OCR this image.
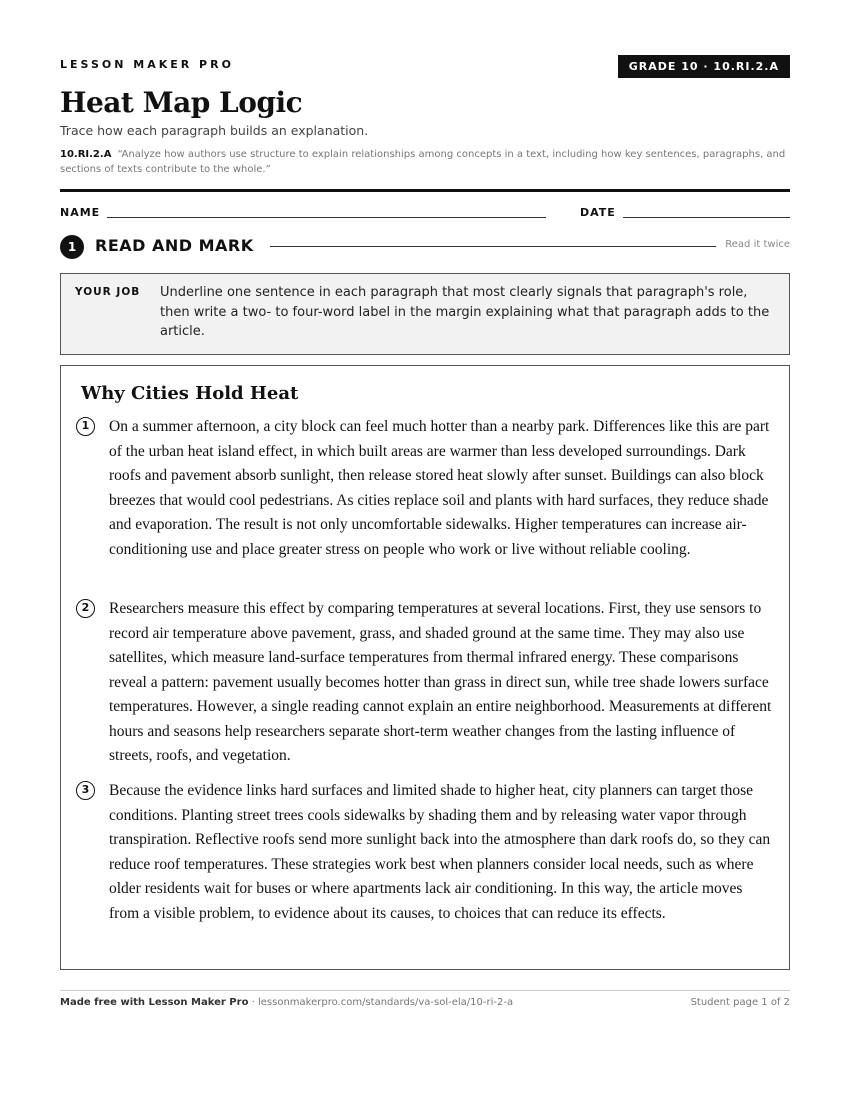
LESSON MAKER PRO	GRADE 10 · 10.RI.2.A
Heat Map Logic
Trace how each paragraph builds an explanation.
10.RI.2.A “Analyze how authors use structure to explain relationships among concepts in a text, including how key sentences, paragraphs, and sections of texts contribute to the whole.”
NAME	DATE
1	READ AND MARK	Read it twice
YOUR JOB Underline one sentence in each paragraph that most clearly signals that paragraph's role, then write a two- to four-word label in the margin explaining what that paragraph adds to the article.
Why Cities Hold Heat
1	On a summer afternoon, a city block can feel much hotter than a nearby park. Differences like this are part of the urban heat island effect, in which built areas are warmer than less developed surroundings. Dark roofs and pavement absorb sunlight, then release stored heat slowly after sunset. Buildings can also block breezes that would cool pedestrians. As cities replace soil and plants with hard surfaces, they reduce shade and evaporation. The result is not only uncomfortable sidewalks. Higher temperatures can increase air-conditioning use and place greater stress on people who work or live without reliable cooling.

2	Researchers measure this effect by comparing temperatures at several locations. First, they use sensors to record air temperature above pavement, grass, and shaded ground at the same time. They may also use satellites, which measure land-surface temperatures from thermal infrared energy. These comparisons reveal a pattern: pavement usually becomes hotter than grass in direct sun, while tree shade lowers surface temperatures. However, a single reading cannot explain an entire neighborhood. Measurements at different hours and seasons help researchers separate short-term weather changes from the lasting influence of streets, roofs, and vegetation.

3	Because the evidence links hard surfaces and limited shade to higher heat, city planners can target those conditions. Planting street trees cools sidewalks by shading them and by releasing water vapor through transpiration. Reflective roofs send more sunlight back into the atmosphere than dark roofs do, so they can reduce roof temperatures. These strategies work best when planners consider local needs, such as where older residents wait for buses or where apartments lack air conditioning. In this way, the article moves from a visible problem, to evidence about its causes, to choices that can reduce its effects.

Made free with Lesson Maker Pro · lessonmakerpro.com/standards/va-sol-ela/10-ri-2-a	Student page 1 of 2
